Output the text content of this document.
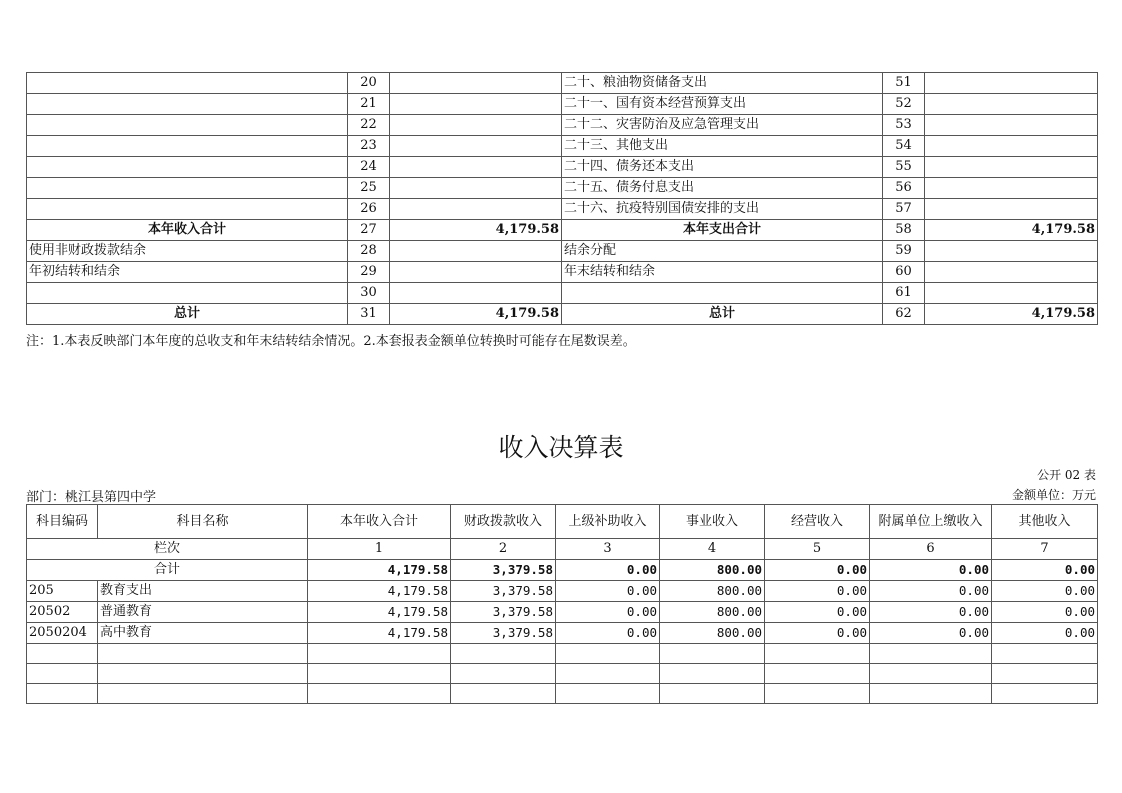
	20		二十、粮油物资储备支出	51	
	21		二十一、国有资本经营预算支出	52	
	22		二十二、灾害防治及应急管理支出	53	
	23		二十三、其他支出	54	
	24		二十四、债务还本支出	55	
	25		二十五、债务付息支出	56	
	26		二十六、抗疫特别国债安排的支出	57	
本年收入合计	27	4,179.58	本年支出合计	58	4,179.58
使用非财政拨款结余	28		结余分配	59	
年初结转和结余	29		年末结转和结余	60	
	30			61	
总计	31	4,179.58	总计	62	4,179.58
注：1.本表反映部门本年度的总收支和年末结转结余情况。2.本套报表金额单位转换时可能存在尾数误差。
收入决算表
公开 02 表
部门：桃江县第四中学	金额单位：万元
科目编码	科目名称	本年收入合计	财政拨款收入	上级补助收入	事业收入	经营收入	附属单位上缴收入	其他收入
栏次		1	2	3	4	5	6	7
合计		4,179.58	3,379.58	0.00	800.00	0.00	0.00	0.00
205	教育支出	4,179.58	3,379.58	0.00	800.00	0.00	0.00	0.00
20502	普通教育	4,179.58	3,379.58	0.00	800.00	0.00	0.00	0.00
2050204	高中教育	4,179.58	3,379.58	0.00	800.00	0.00	0.00	0.00
